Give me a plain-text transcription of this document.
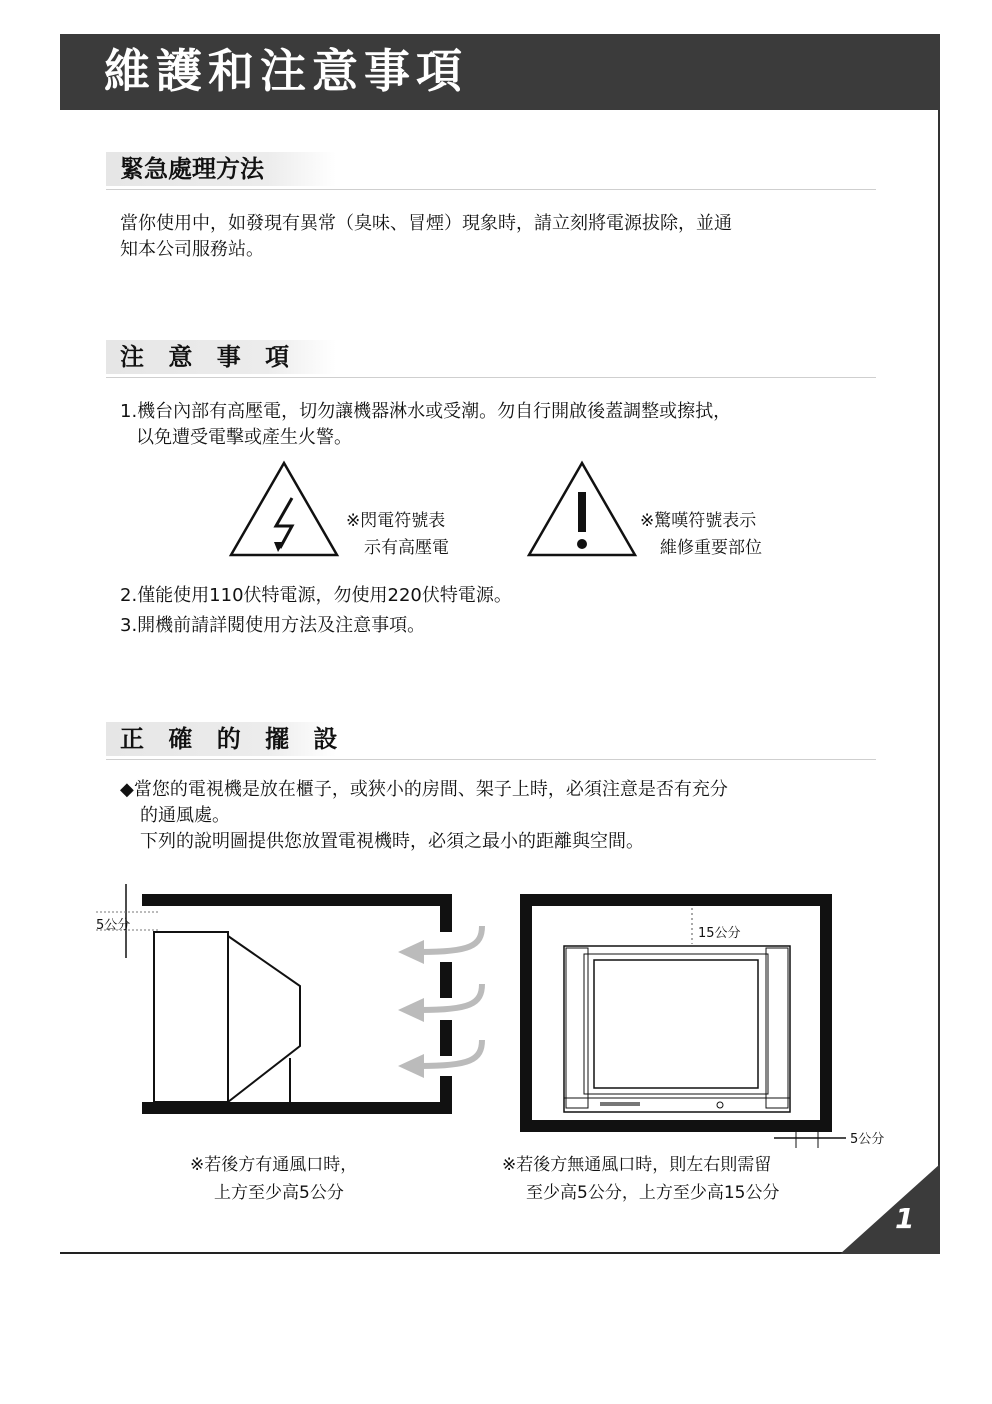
維護和注意事項
緊急處理方法

當你使用中，如發現有異常（臭味、冒煙）現象時，請立刻將電源拔除，並通

知本公司服務站。

注 意 事 項

1.機台內部有高壓電，切勿讓機器淋水或受潮。勿自行開啟後蓋調整或擦拭，

以免遭受電擊或產生火警。

※閃電符號表
示有高壓電
※驚嘆符號表示
維修重要部位

2.僅能使用110伏特電源，勿使用220伏特電源。

3.開機前請詳閱使用方法及注意事項。

正 確 的 擺 設

◆當您的電視機是放在櫃子，或狹小的房間、架子上時，必須注意是否有充分

的通風處。

下列的說明圖提供您放置電視機時，必須之最小的距離與空間。

5公分
15公分
5公分
※若後方有通風口時，
上方至少高5公分
※若後方無通風口時，則左右則需留
至少高5公分，上方至少高15公分
1
